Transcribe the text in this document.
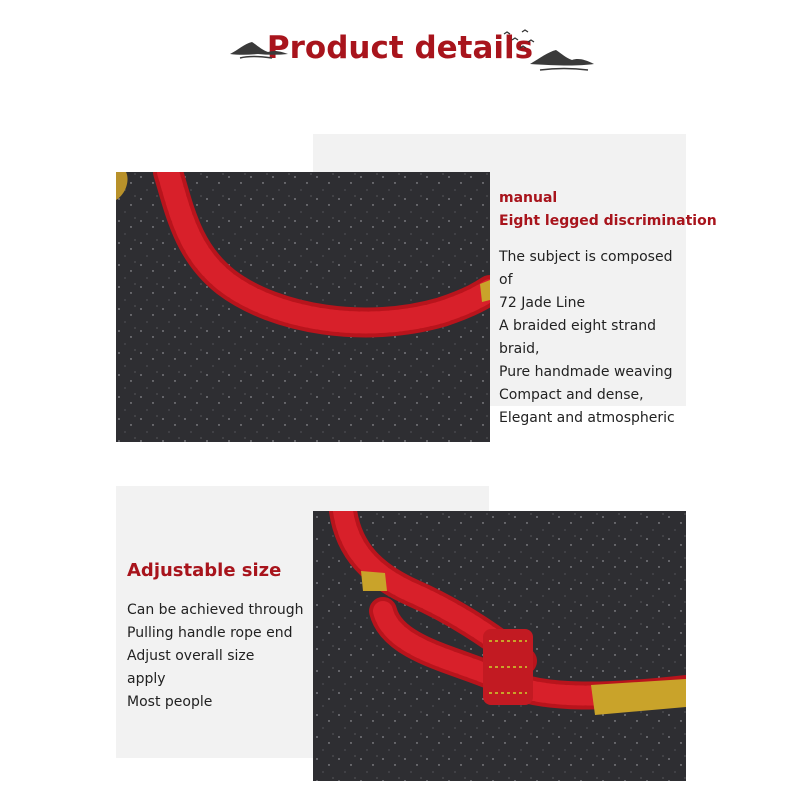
Product details
manual
Eight legged discrimination
The subject is composed of
72 Jade Line
A braided eight strand braid,
Pure handmade weaving
Compact and dense,
Elegant and atmospheric
Adjustable size
Can be achieved through
Pulling handle rope end
Adjust overall size
apply
Most people
